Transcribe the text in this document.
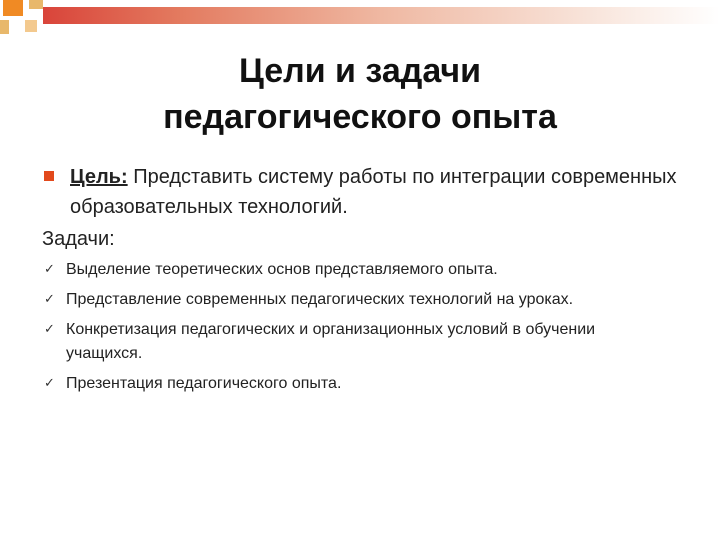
Цели и задачи
педагогического опыта
Цель: Представить систему работы по интеграции современных образовательных технологий.
Задачи:
✓ Выделение теоретических основ представляемого опыта.
✓ Представление современных педагогических технологий на уроках.
✓ Конкретизация педагогических и организационных условий в обучении учащихся.
✓ Презентация педагогического опыта.
